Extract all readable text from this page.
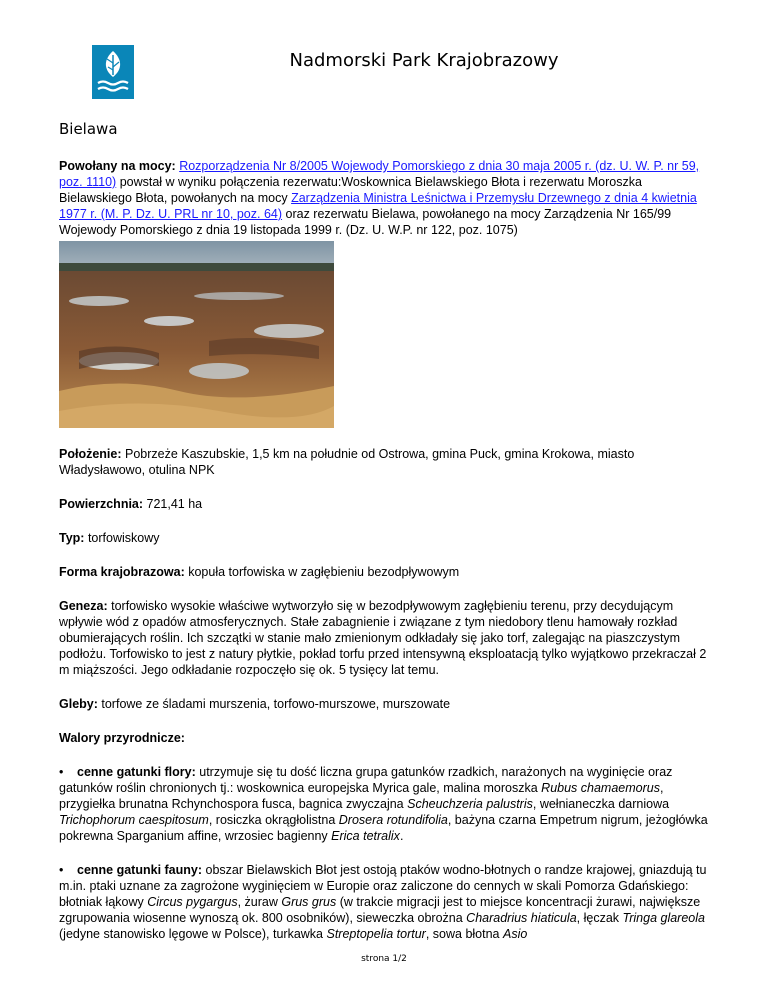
Nadmorski Park Krajobrazowy
Bielawa

Powołany na mocy: Rozporządzenia Nr 8/2005 Wojewody Pomorskiego z dnia 30 maja 2005 r. (dz. U. W. P. nr 59, poz. 1110) powstał w wyniku połączenia rezerwatu:Woskownica Bielawskiego Błota i rezerwatu Moroszka Bielawskiego Błota, powołanych na mocy Zarządzenia Ministra Leśnictwa i Przemysłu Drzewnego z dnia 4 kwietnia 1977 r. (M. P. Dz. U. PRL nr 10, poz. 64) oraz rezerwatu Bielawa, powołanego na mocy Zarządzenia Nr 165/99 Wojewody Pomorskiego z dnia 19 listopada 1999 r. (Dz. U. W.P. nr 122, poz. 1075)

Położenie: Pobrzeże Kaszubskie, 1,5 km na południe od Ostrowa, gmina Puck, gmina Krokowa, miasto Władysławowo, otulina NPK

Powierzchnia: 721,41 ha

Typ: torfowiskowy

Forma krajobrazowa: kopuła torfowiska w zagłębieniu bezodpływowym

Geneza: torfowisko wysokie właściwe wytworzyło się w bezodpływowym zagłębieniu terenu, przy decydującym wpływie wód z opadów atmosferycznych. Stałe zabagnienie i związane z tym niedobory tlenu hamowały rozkład obumierających roślin. Ich szczątki w stanie mało zmienionym odkładały się jako torf, zalegając na piaszczystym podłożu. Torfowisko to jest z natury płytkie, pokład torfu przed intensywną eksploatacją tylko wyjątkowo przekraczał 2 m miąższości. Jego odkładanie rozpoczęło się ok. 5 tysięcy lat temu.

Gleby: torfowe ze śladami murszenia, torfowo-murszowe, murszowate

Walory przyrodnicze:

• cenne gatunki flory: utrzymuje się tu dość liczna grupa gatunków rzadkich, narażonych na wyginięcie oraz gatunków roślin chronionych tj.: woskownica europejska Myrica gale, malina moroszka Rubus chamaemorus, przygiełka brunatna Rchynchospora fusca, bagnica zwyczajna Scheuchzeria palustris, wełnianeczka darniowa Trichophorum caespitosum, rosiczka okrągłolistna Drosera rotundifolia, bażyna czarna Empetrum nigrum, jeżogłówka pokrewna Sparganium affine, wrzosiec bagienny Erica tetralix.

• cenne gatunki fauny: obszar Bielawskich Błot jest ostoją ptaków wodno-błotnych o randze krajowej, gniazdują tu m.in. ptaki uznane za zagrożone wyginięciem w Europie oraz zaliczone do cennych w skali Pomorza Gdańskiego: błotniak łąkowy Circus pygargus, żuraw Grus grus (w trakcie migracji jest to miejsce koncentracji żurawi, największe zgrupowania wiosenne wynoszą ok. 800 osobników), sieweczka obrożna Charadrius hiaticula, łęczak Tringa glareola (jedyne stanowisko lęgowe w Polsce), turkawka Streptopelia tortur, sowa błotna Asio

strona 1/2
